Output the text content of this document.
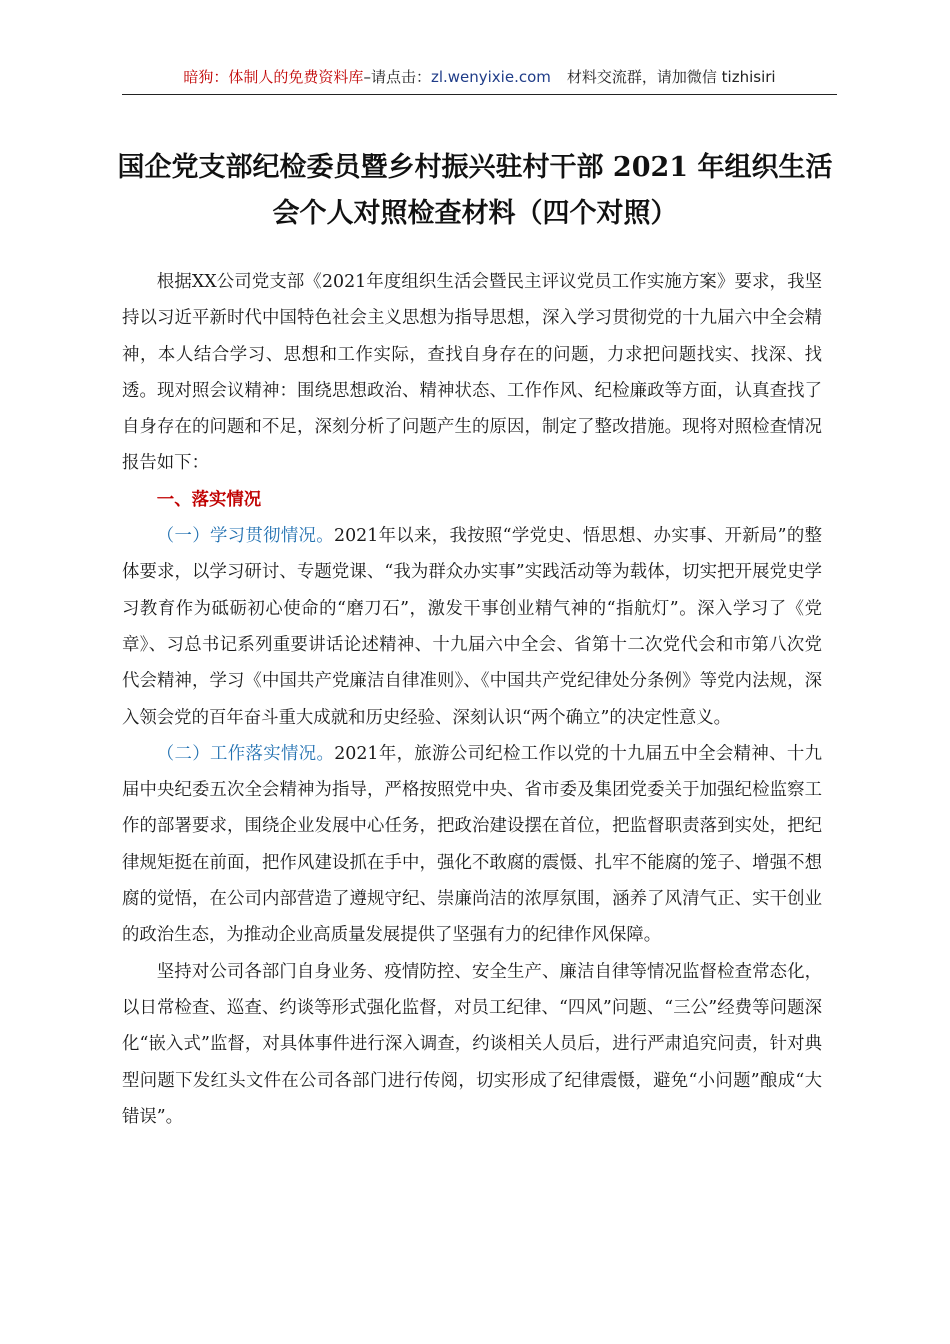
暗狗：体制人的免费资料库–请点击：zl.wenyixie.com 材料交流群，请加微信 tizhisiri
国企党支部纪检委员暨乡村振兴驻村干部 2021 年组织生活
会个人对照检查材料（四个对照）

根据XX公司党支部《2021年度组织生活会暨民主评议党员工作实施方案》要求，我坚持以习近平新时代中国特色社会主义思想为指导思想，深入学习贯彻党的十九届六中全会精神，本人结合学习、思想和工作实际，查找自身存在的问题，力求把问题找实、找深、找透。现对照会议精神：围绕思想政治、精神状态、工作作风、纪检廉政等方面，认真查找了自身存在的问题和不足，深刻分析了问题产生的原因，制定了整改措施。现将对照检查情况报告如下：

一、落实情况

（一）学习贯彻情况。2021年以来，我按照“学党史、悟思想、办实事、开新局”的整体要求，以学习研讨、专题党课、“我为群众办实事”实践活动等为载体，切实把开展党史学习教育作为砥砺初心使命的“磨刀石”，激发干事创业精气神的“指航灯”。深入学习了《党章》、习总书记系列重要讲话论述精神、十九届六中全会、省第十二次党代会和市第八次党代会精神，学习《中国共产党廉洁自律准则》、《中国共产党纪律处分条例》等党内法规，深入领会党的百年奋斗重大成就和历史经验、深刻认识“两个确立”的决定性意义。

（二）工作落实情况。2021年，旅游公司纪检工作以党的十九届五中全会精神、十九届中央纪委五次全会精神为指导，严格按照党中央、省市委及集团党委关于加强纪检监察工作的部署要求，围绕企业发展中心任务，把政治建设摆在首位，把监督职责落到实处，把纪律规矩挺在前面，把作风建设抓在手中，强化不敢腐的震慑、扎牢不能腐的笼子、增强不想腐的觉悟，在公司内部营造了遵规守纪、崇廉尚洁的浓厚氛围，涵养了风清气正、实干创业的政治生态，为推动企业高质量发展提供了坚强有力的纪律作风保障。

坚持对公司各部门自身业务、疫情防控、安全生产、廉洁自律等情况监督检查常态化，以日常检查、巡查、约谈等形式强化监督，对员工纪律、“四风”问题、“三公”经费等问题深化“嵌入式”监督，对具体事件进行深入调查，约谈相关人员后，进行严肃追究问责，针对典型问题下发红头文件在公司各部门进行传阅，切实形成了纪律震慑，避免“小问题”酿成“大错误”。
